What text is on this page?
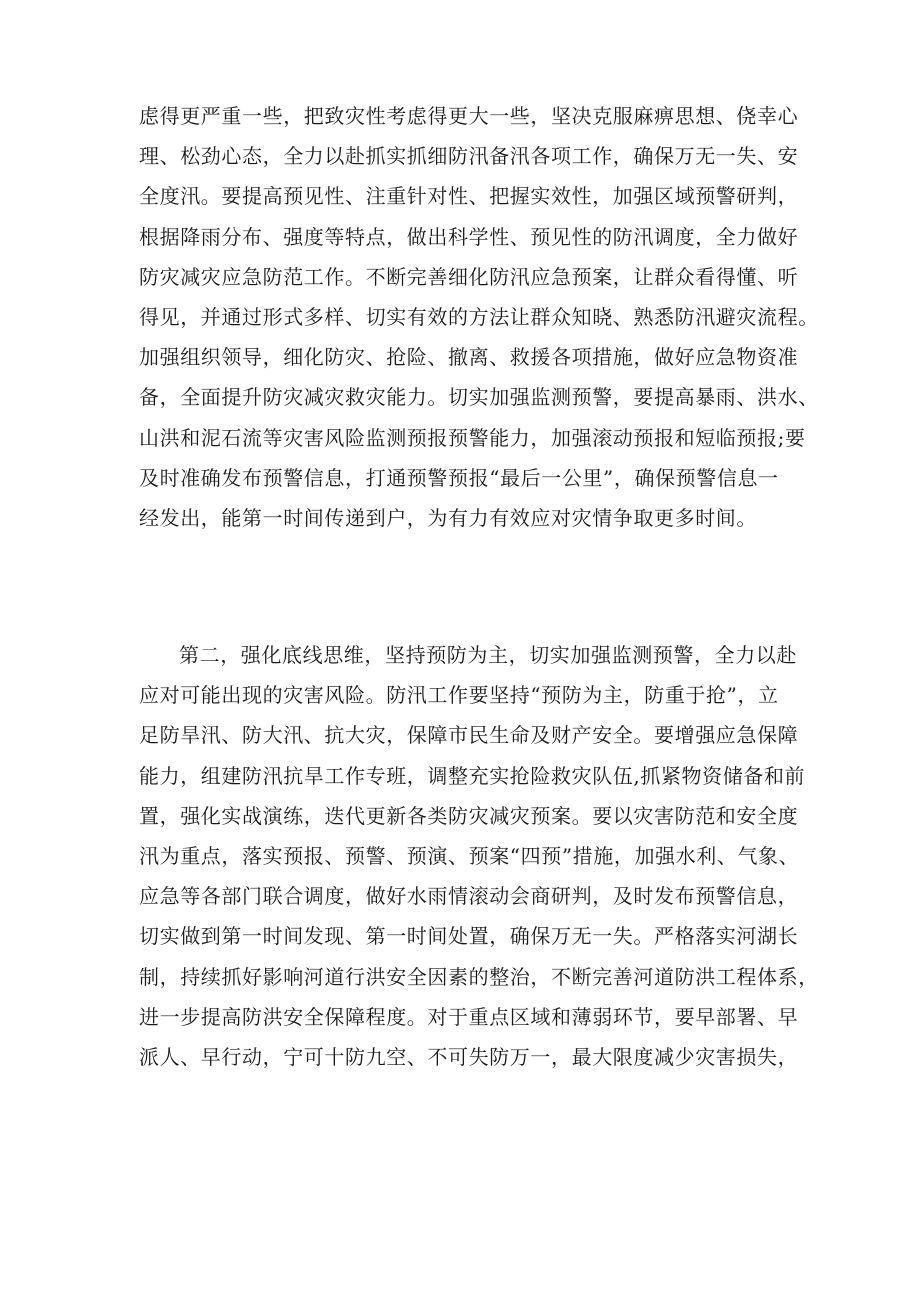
虑得更严重一些，把致灾性考虑得更大一些，坚决克服麻痹思想、侥幸心
理、松劲心态，全力以赴抓实抓细防汛备汛各项工作，确保万无一失、安
全度汛。要提高预见性、注重针对性、把握实效性，加强区域预警研判，
根据降雨分布、强度等特点，做出科学性、预见性的防汛调度，全力做好
防灾减灾应急防范工作。不断完善细化防汛应急预案，让群众看得懂、听
得见，并通过形式多样、切实有效的方法让群众知晓、熟悉防汛避灾流程。
加强组织领导，细化防灾、抢险、撤离、救援各项措施，做好应急物资准
备，全面提升防灾减灾救灾能力。切实加强监测预警，要提高暴雨、洪水、
山洪和泥石流等灾害风险监测预报预警能力，加强滚动预报和短临预报;要
及时准确发布预警信息，打通预警预报“最后一公里”，确保预警信息一
经发出，能第一时间传递到户，为有力有效应对灾情争取更多时间。
第二，强化底线思维，坚持预防为主，切实加强监测预警，全力以赴
应对可能出现的灾害风险。防汛工作要坚持“预防为主，防重于抢”，立
足防旱汛、防大汛、抗大灾，保障市民生命及财产安全。要增强应急保障
能力，组建防汛抗旱工作专班，调整充实抢险救灾队伍,抓紧物资储备和前
置，强化实战演练，迭代更新各类防灾减灾预案。要以灾害防范和安全度
汛为重点，落实预报、预警、预演、预案“四预”措施，加强水利、气象、
应急等各部门联合调度，做好水雨情滚动会商研判，及时发布预警信息，
切实做到第一时间发现、第一时间处置，确保万无一失。严格落实河湖长
制，持续抓好影响河道行洪安全因素的整治，不断完善河道防洪工程体系，
进一步提高防洪安全保障程度。对于重点区域和薄弱环节，要早部署、早
派人、早行动，宁可十防九空、不可失防万一，最大限度减少灾害损失，
